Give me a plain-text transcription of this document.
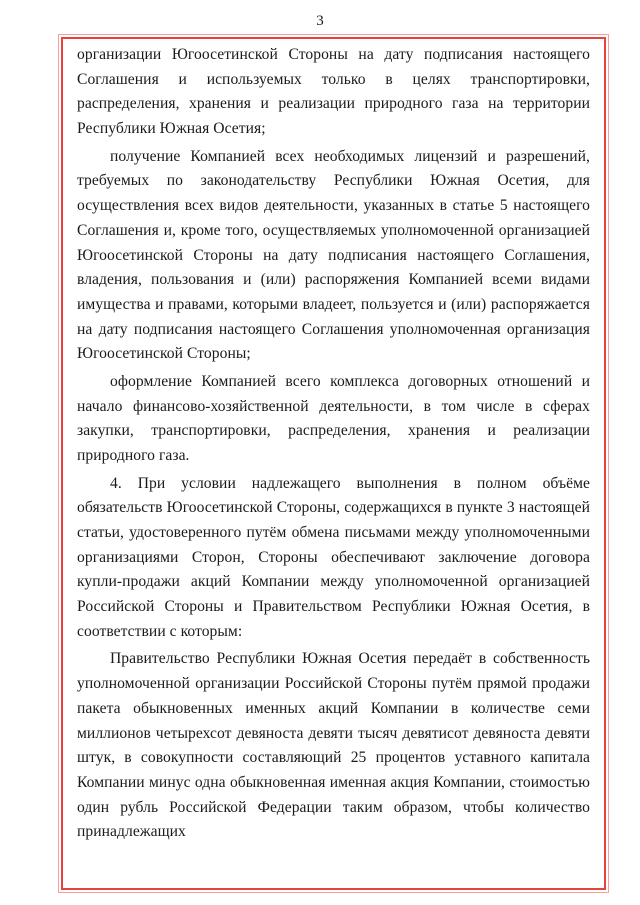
3

организации Югоосетинской Стороны на дату подписания настоящего Соглашения и используемых только в целях транспортировки, распределения, хранения и реализации природного газа на территории Республики Южная Осетия;

получение Компанией всех необходимых лицензий и разрешений, требуемых по законодательству Республики Южная Осетия, для осуществления всех видов деятельности, указанных в статье 5 настоящего Соглашения и, кроме того, осуществляемых уполномоченной организацией Югоосетинской Стороны на дату подписания настоящего Соглашения, владения, пользования и (или) распоряжения Компанией всеми видами имущества и правами, которыми владеет, пользуется и (или) распоряжается на дату подписания настоящего Соглашения уполномоченная организация Югоосетинской Стороны;

оформление Компанией всего комплекса договорных отношений и начало финансово-хозяйственной деятельности, в том числе в сферах закупки, транспортировки, распределения, хранения и реализации природного газа.

4. При условии надлежащего выполнения в полном объёме обязательств Югоосетинской Стороны, содержащихся в пункте 3 настоящей статьи, удостоверенного путём обмена письмами между уполномоченными организациями Сторон, Стороны обеспечивают заключение договора купли-продажи акций Компании между уполномоченной организацией Российской Стороны и Правительством Республики Южная Осетия, в соответствии с которым:

Правительство Республики Южная Осетия передаёт в собственность уполномоченной организации Российской Стороны путём прямой продажи пакета обыкновенных именных акций Компании в количестве семи миллионов четырехсот девяноста девяти тысяч девятисот девяноста девяти штук, в совокупности составляющий 25 процентов уставного капитала Компании минус одна обыкновенная именная акция Компании, стоимостью один рубль Российской Федерации таким образом, чтобы количество принадлежащих
